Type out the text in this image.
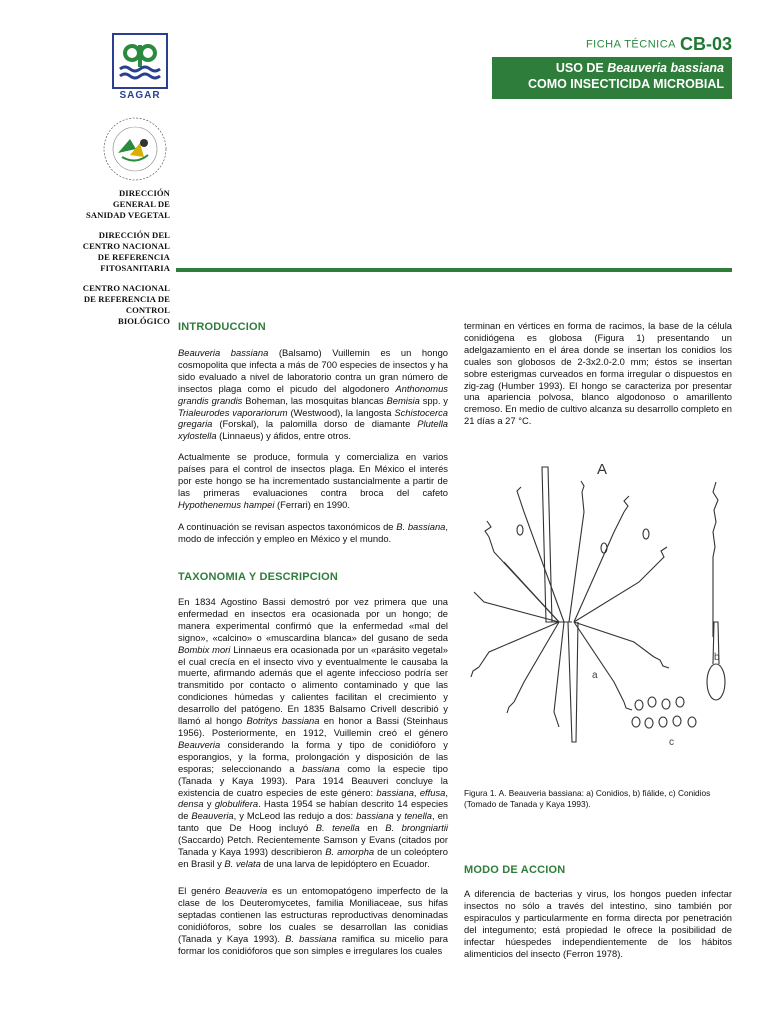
SAGAR
DIRECCIÓN GENERAL DE SANIDAD VEGETAL
DIRECCIÓN DEL CENTRO NACIONAL DE REFERENCIA FITOSANITARIA
CENTRO NACIONAL DE REFERENCIA DE CONTROL BIOLÓGICO
FICHA TÉCNICA CB-03
USO DE Beauveria bassiana
COMO INSECTICIDA MICROBIAL
INTRODUCCION

Beauveria bassiana (Balsamo) Vuillemin es un hongo cosmopolita que infecta a más de 700 especies de insectos y ha sido evaluado a nivel de laboratorio contra un gran número de insectos plaga como el picudo del algodonero Anthonomus grandis grandis Boheman, las mosquitas blancas Bemisia spp. y Trialeurodes vaporariorum (Westwood), la langosta Schistocerca gregaria (Forskal), la palomilla dorso de diamante Plutella xylostella (Linnaeus) y áfidos, entre otros.

Actualmente se produce, formula y comercializa en varios países para el control de insectos plaga. En México el interés por este hongo se ha incrementado sustancialmente a partir de las primeras evaluaciones contra broca del cafeto Hypothenemus hampei (Ferrari) en 1990.

A continuación se revisan aspectos taxonómicos de B. bassiana, modo de infección y empleo en México y el mundo.

TAXONOMIA Y DESCRIPCION

En 1834 Agostino Bassi demostró por vez primera que una enfermedad en insectos era ocasionada por un hongo; de manera experimental confirmó que la enfermedad «mal del signo», «calcino» o «muscardina blanca» del gusano de seda Bombix mori Linnaeus era ocasionada por un «parásito vegetal» el cual crecía en el insecto vivo y eventualmente le causaba la muerte, afirmando además que el agente infeccioso podría ser transmitido por contacto o alimento contaminado y que las condiciones húmedas y calientes facilitan el crecimiento y desarrollo del patógeno. En 1835 Balsamo Crivell describió y llamó al hongo Botritys bassiana en honor a Bassi (Steinhaus 1956). Posteriormente, en 1912, Vuillemin creó el género Beauveria considerando la forma y tipo de conidióforo y esporangios, y la forma, prolongación y disposición de las esporas; seleccionando a bassiana como la especie tipo (Tanada y Kaya 1993). Para 1914 Beauveri concluye la existencia de cuatro especies de este género: bassiana, effusa, densa y globulifera. Hasta 1954 se habían descrito 14 especies de Beauveria, y McLeod las redujo a dos: bassiana y tenella, en tanto que De Hoog incluyó B. tenella en B. brongniartii (Saccardo) Petch. Recientemente Samson y Evans (citados por Tanada y Kaya 1993) describieron B. amorpha de un coleóptero en Brasil y B. velata de una larva de lepidóptero en Ecuador.

El genéro Beauveria es un entomopatógeno imperfecto de la clase de los Deuteromycetes, familia Moniliaceae, sus hifas septadas contienen las estructuras reproductivas denominadas conidióforos, sobre los cuales se desarrollan las conidias (Tanada y Kaya 1993). B. bassiana ramifica su micelio para formar los conidióforos que son simples e irregulares los cuales

terminan en vértices en forma de racimos, la base de la célula conidiógena es globosa (Figura 1) presentando un adelgazamiento en el área donde se insertan los conidios los cuales son globosos de 2-3x2.0-2.0 mm; éstos se insertan sobre esterigmas curveados en forma irregular o dispuestos en zig-zag (Humber 1993). El hongo se caracteriza por presentar una apariencia polvosa, blanco algodonoso o amarillento cremoso. En medio de cultivo alcanza su desarrollo completo en 21 días a 27 °C.

A
a
b
c
Figura 1. A. Beauveria bassiana: a) Conidios, b) fiálide, c) Conidios (Tomado de Tanada y Kaya 1993).
MODO DE ACCION

A diferencia de bacterias y virus, los hongos pueden infectar insectos no sólo a través del intestino, sino también por espiraculos y particularmente en forma directa por penetración del integumento; está propiedad le ofrece la posibilidad de infectar húespedes independientemente de los hábitos alimenticios del insecto (Ferron 1978).
